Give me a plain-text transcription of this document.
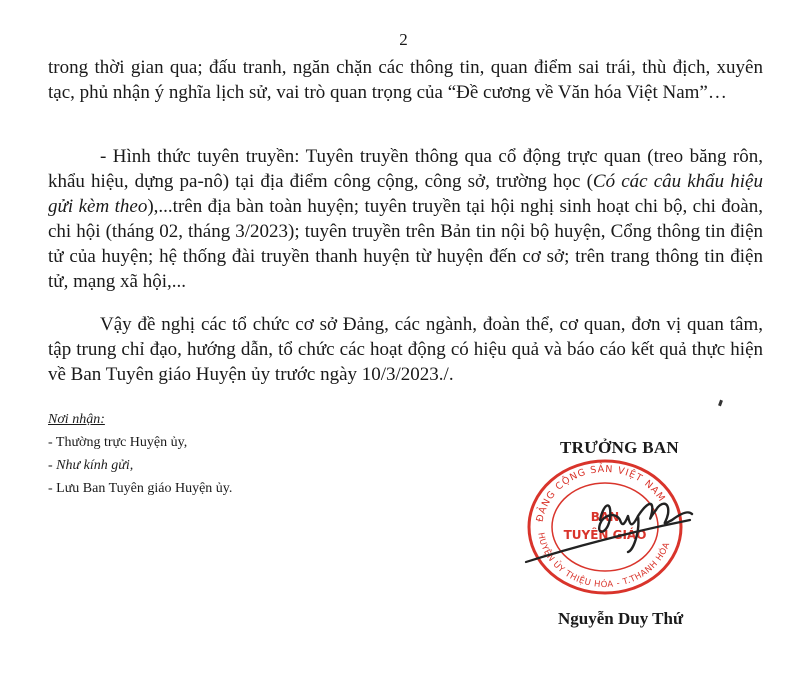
2

trong thời gian qua; đấu tranh, ngăn chặn các thông tin, quan điểm sai trái, thù địch, xuyên tạc, phủ nhận ý nghĩa lịch sử, vai trò quan trọng của “Đề cương về Văn hóa Việt Nam”…

- Hình thức tuyên truyền: Tuyên truyền thông qua cổ động trực quan (treo băng rôn, khẩu hiệu, dựng pa-nô) tại địa điểm công cộng, công sở, trường học (Có các câu khẩu hiệu gửi kèm theo),...trên địa bàn toàn huyện; tuyên truyền tại hội nghị sinh hoạt chi bộ, chi đoàn, chi hội (tháng 02, tháng 3/2023); tuyên truyền trên Bản tin nội bộ huyện, Cổng thông tin điện tử của huyện; hệ thống đài truyền thanh huyện từ huyện đến cơ sở; trên trang thông tin điện tử, mạng xã hội,...

Vậy đề nghị các tổ chức cơ sở Đảng, các ngành, đoàn thể, cơ quan, đơn vị quan tâm, tập trung chỉ đạo, hướng dẫn, tổ chức các hoạt động có hiệu quả và báo cáo kết quả thực hiện về Ban Tuyên giáo Huyện ủy trước ngày 10/3/2023./.

Nơi nhận:
- Thường trực Huyện ủy,
- Như kính gửi,
- Lưu Ban Tuyên giáo Huyện ủy.
TRƯỞNG BAN
ĐẢNG CỘNG SẢN VIỆT NAM
HUYỆN ỦY THIỆU HÓA - T.THANH HÓA
BAN
TUYÊN GIÁO
Nguyễn Duy Thứ
